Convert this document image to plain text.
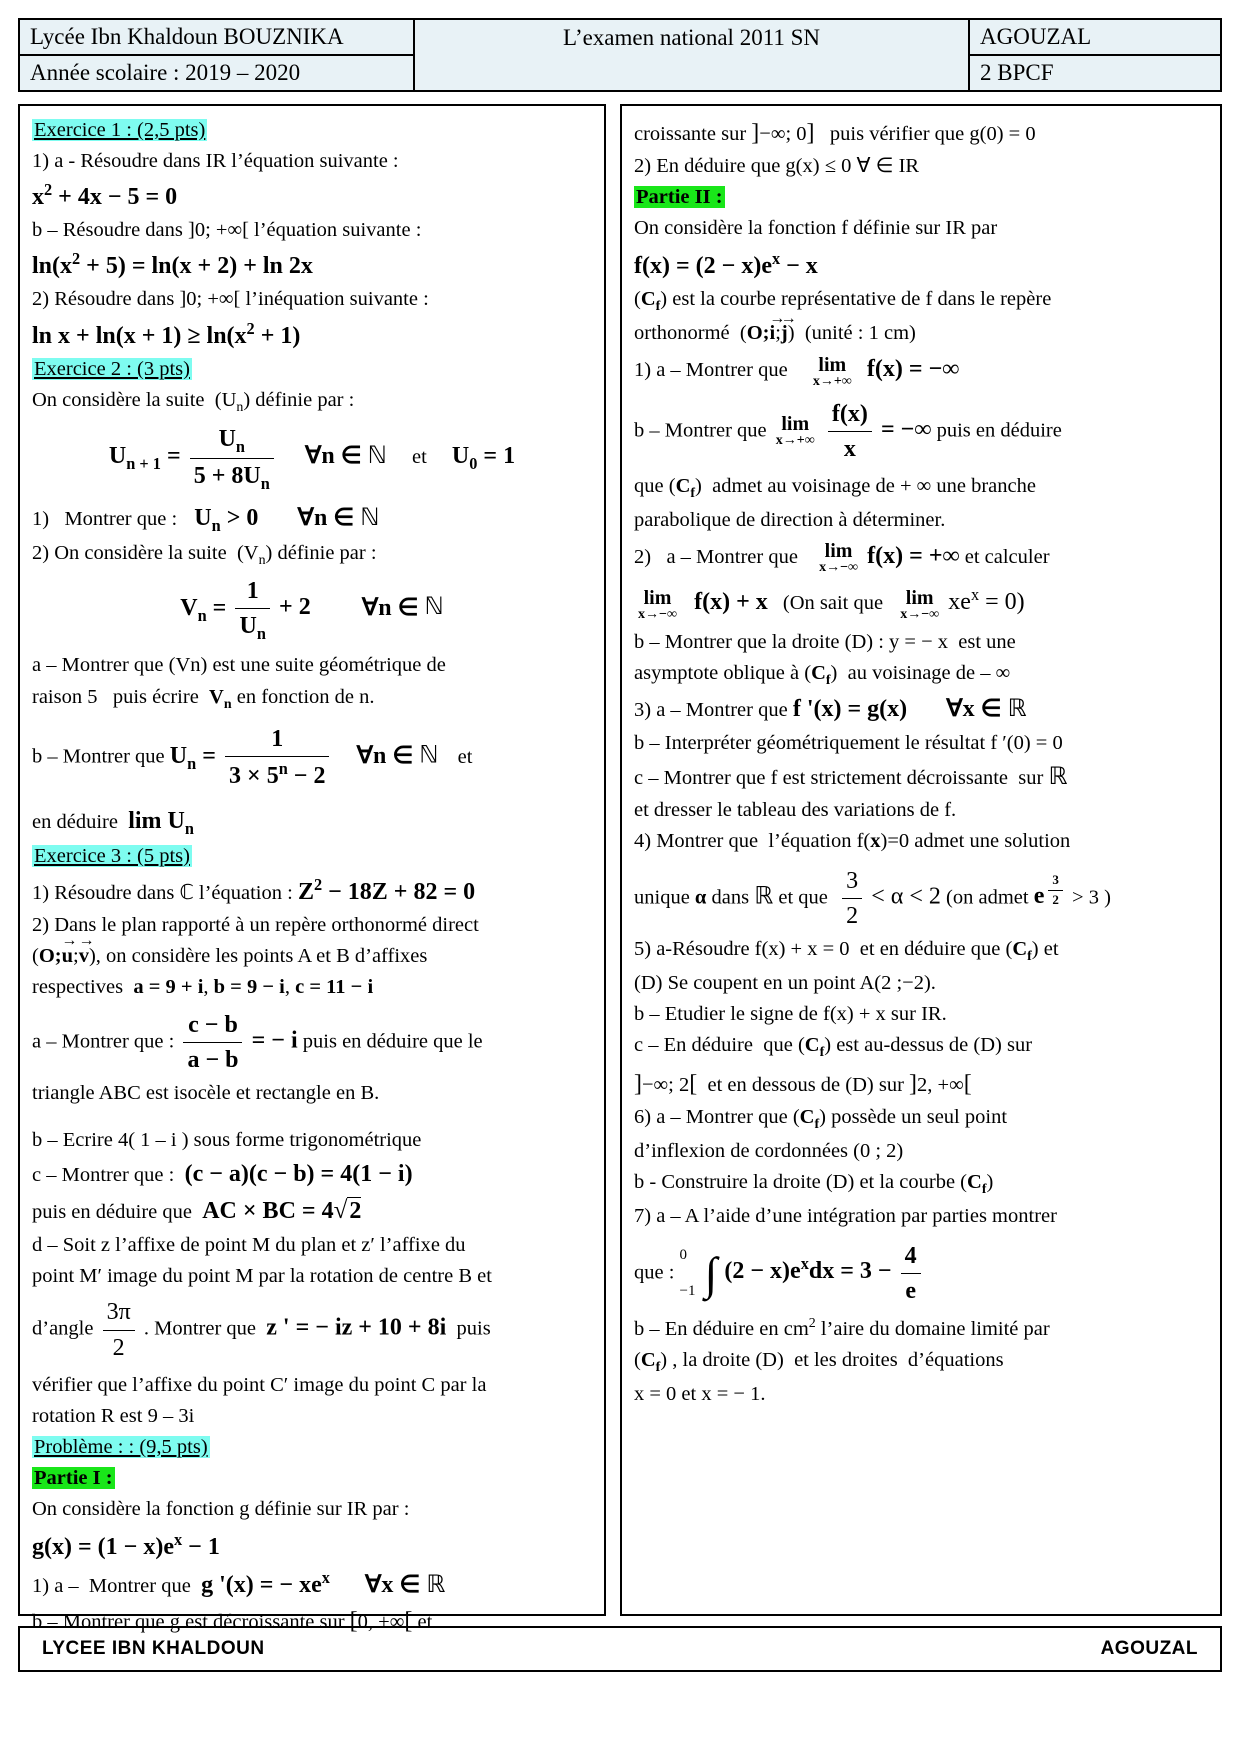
Lycée Ibn Khaldoun BOUZNIKA	L’examen national 2011 SN	AGOUZAL
Année scolaire : 2019 – 2020	2 BPCF
Exercice 1 : (2,5 pts)
1) a - Résoudre dans IR l’équation suivante :
$x^2 + 4x - 5 = 0$
b – Résoudre dans ]0; +∞[ l’équation suivante :
$\ln(x^2 + 5) = \ln(x + 2) + \ln 2x$
2) Résoudre dans ]0; +∞[ l’inéquation suivante :
$\ln x + \ln(x + 1) \ge \ln(x^2 + 1)$
Exercice 2 : (3 pts)
On considère la suite  $(U_n)$ définie par :
$U_{n + 1} = \frac{U_n}{5 + 8U_n}$ ∀n ∈ ℕ et $U_0 = 1$
1)   Montrer que : $U_n > 0$ ∀n ∈ ℕ
2) On considère la suite  $(V_n)$ définie par :
$V_n = \frac{1}{U_n} + 2$ ∀n ∈ ℕ
a – Montrer que (Vn) est une suite géométrique de
raison 5   puis écrire  $V_n$ en fonction de n.
b – Montrer que $U_n = \frac{1}{3 \times 5^n - 2}$ ∀n ∈ ℕ et
en déduire  $\lim U_n$
Exercice 3 : (5 pts)
1) Résoudre dans ℂ l’équation : $Z^2 - 18Z + 82 = 0$
2) Dans le plan rapporté à un repère orthonormé direct
(O;u →;v →), on considère les points A et B d’affixes
respectives  a = 9 + i, b = 9 − i, c = 11 − i
a – Montrer que : $\frac{c - b}{a - b}$ = − i puis en déduire que le
triangle ABC est isocèle et rectangle en B.
b – Ecrire 4( 1 – i ) sous forme trigonométrique
c – Montrer que :  (c − a)(c − b) = 4(1 − i)
puis en déduire que  AC × BC = 4√2
d – Soit z l’affixe de point M du plan et z′ l’affixe du
point M′ image du point M par la rotation de centre B et
d’angle $\frac{3\pi}{2}$ . Montrer que  z ' = − iz + 10 + 8i  puis
vérifier que l’affixe du point C′ image du point C par la
rotation R est 9 – 3i
Problème : : (9,5 pts)
Partie I :
On considère la fonction g définie sur IR par :
$g(x) = (1 - x)e^x - 1$
1) a –  Montrer que  g '(x) = − $xe^x$ ∀x ∈ ℝ
b – Montrer que g est décroissante sur [0, +∞[ et
croissante sur ]−∞; 0]   puis vérifier que g(0) = 0
2) En déduire que g(x) ≤ 0 ∀ ∈ IR
Partie II :
On considère la fonction f définie sur IR par
$f(x) = (2 - x)e^x - x$
$(C_f)$ est la courbe représentative de f dans le repère
orthonormé  (O;i →;j →)  (unité : 1 cm)
1) a – Montrer que lim
x→+∞ f(x) = −∞
b – Montrer que lim
x→+∞
$\frac{f(x)}{x}$ = −∞ puis en déduire
que $(C_f)$  admet au voisinage de + ∞ une branche
parabolique de direction à déterminer.
2)   a – Montrer que lim
x→−∞ f(x) = +∞ et calculer
lim
x→−∞ f(x) + x (On sait que lim
x→−∞ $xe^x = 0$)
b – Montrer que la droite (D) : y = − x  est une
asymptote oblique à $(C_f)$  au voisinage de – ∞
3) a – Montrer que f '(x) = g(x) ∀x ∈ ℝ
b – Interpréter géométriquement le résultat f ′(0) = 0
c – Montrer que f est strictement décroissante  sur ℝ
et dresser le tableau des variations de f.
4) Montrer que  l’équation f(x)=0 admet une solution
unique α dans ℝ et que $\frac{3}{2} < \alpha < 2$ (on admet e $^{\frac{3}{2}}$ > 3 )
5) a-Résoudre f(x) + x = 0  et en déduire que $(C_f)$ et
(D) Se coupent en un point A(2 ;−2).
b – Etudier le signe de f(x) + x sur IR.
c – En déduire  que $(C_f)$ est au-dessus de (D) sur
]−∞; 2[  et en dessous de (D) sur ]2, +∞[
6) a – Montrer que $(C_f)$ possède un seul point
d’inflexion de cordonnées (0 ; 2)
b - Construire la droite (D) et la courbe $(C_f)$
7) a – A l’aide d’une intégration par parties montrer
que :
0
−1
∫ $(2 - x)e^xdx = 3 - \frac{4}{e}$
b – En déduire en $cm^2$ l’aire du domaine limité par
$(C_f)$ , la droite (D)  et les droites  d’équations
x = 0 et x = − 1.
LYCEE IBN KHALDOUN	AGOUZAL
